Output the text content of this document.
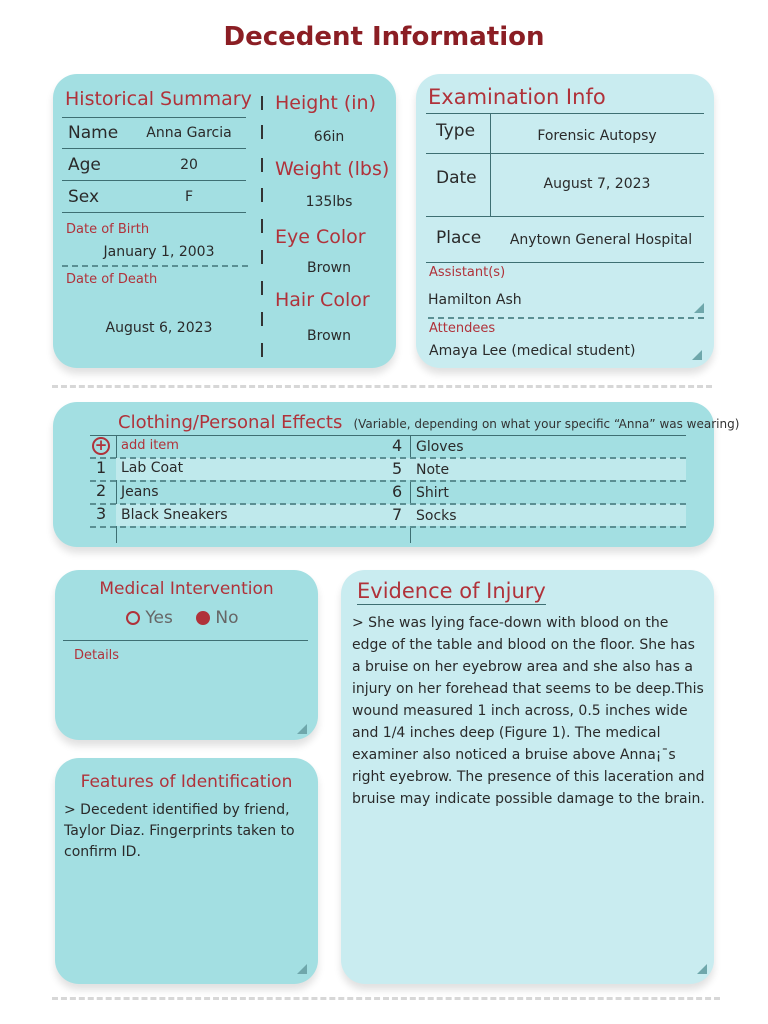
Decedent Information
Historical Summary
Name	Anna Garcia
Age	20
Sex	F
Date of Birth
January 1, 2003
Date of Death
August 6, 2023
Height (in)
66in
Weight (lbs)
135lbs
Eye Color
Brown
Hair Color
Brown
Examination Info
Type	Forensic Autopsy
Date	August 7, 2023
Place	Anytown General Hospital
Assistant(s)
Hamilton Ash
Attendees
Amaya Lee (medical student)
Clothing/Personal Effects (Variable, depending on what your specific “Anna” was wearing)
+ add item
1 Lab Coat
2 Jeans
3 Black Sneakers
4 Gloves
5 Note
6 Shirt
7 Socks
Medical Intervention
Yes	No
Details
Features of Identification
> Decedent identified by friend, Taylor Diaz. Fingerprints taken to confirm ID.
Evidence of Injury
> She was lying face-down with blood on the edge of the table and blood on the floor. She has a bruise on her eyebrow area and she also has a injury on her forehead that seems to be deep.This wound measured 1 inch across, 0.5 inches wide and 1/4 inches deep (Figure 1). The medical examiner also noticed a bruise above Anna¡¯s right eyebrow. The presence of this laceration and bruise may indicate possible damage to the brain.
